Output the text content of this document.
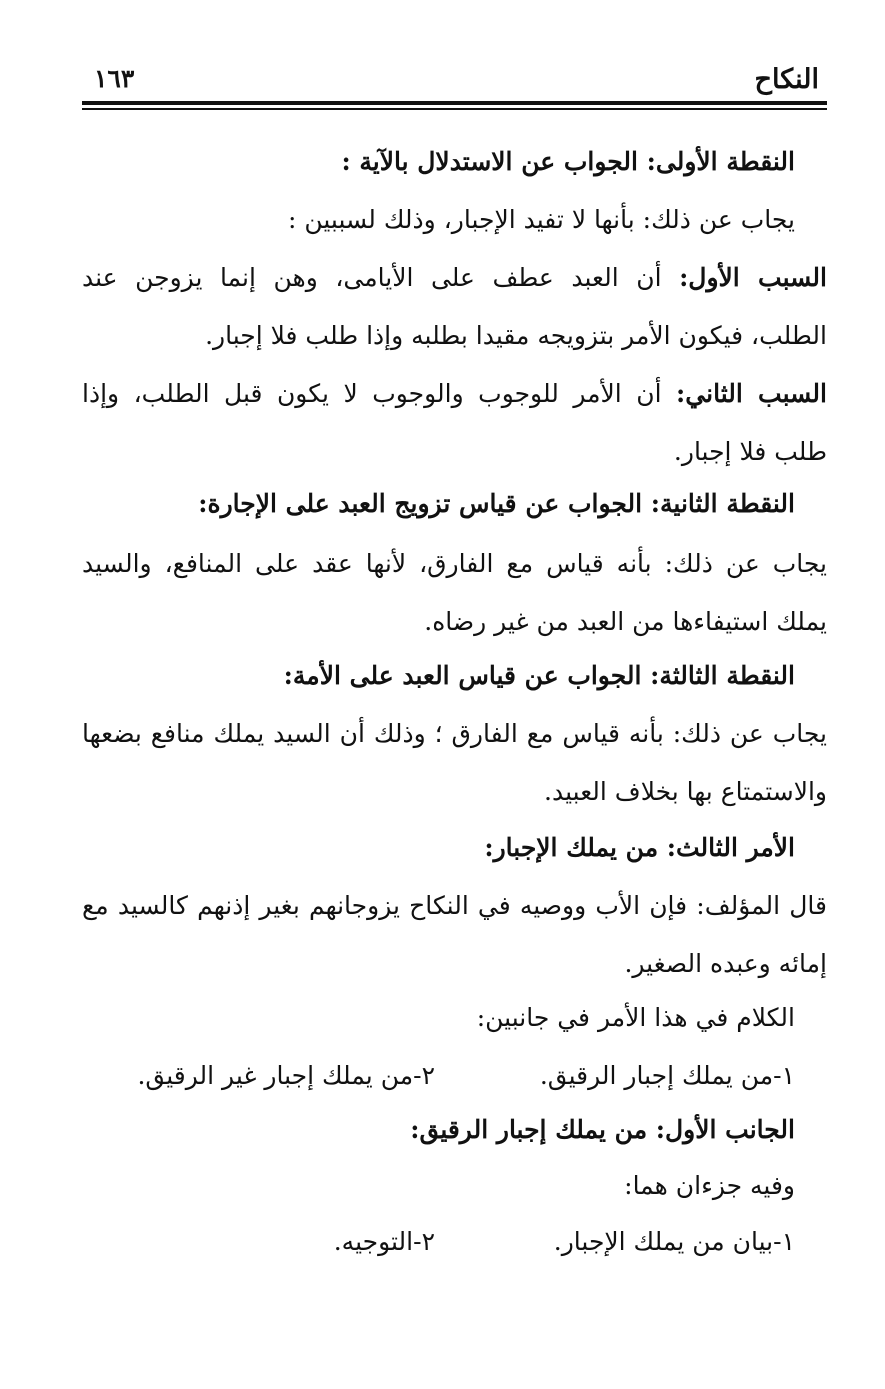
النكاح
١٦٣
النقطة الأولى: الجواب عن الاستدلال بالآية :
يجاب عن ذلك: بأنها لا تفيد الإجبار، وذلك لسببين :
السبب الأول: أن العبد عطف على الأيامى، وهن إنما يزوجن عند
الطلب، فيكون الأمر بتزويجه مقيدا بطلبه وإذا طلب فلا إجبار.
السبب الثاني: أن الأمر للوجوب والوجوب لا يكون قبل الطلب، وإذا
طلب فلا إجبار.
النقطة الثانية: الجواب عن قياس تزويج العبد على الإجارة:
يجاب عن ذلك: بأنه قياس مع الفارق، لأنها عقد على المنافع، والسيد
يملك استيفاءها من العبد من غير رضاه.
النقطة الثالثة: الجواب عن قياس العبد على الأمة:
يجاب عن ذلك: بأنه قياس مع الفارق ؛ وذلك أن السيد يملك منافع بضعها
والاستمتاع بها بخلاف العبيد.
الأمر الثالث: من يملك الإجبار:
قال المؤلف: فإن الأب ووصيه في النكاح يزوجانهم بغير إذنهم كالسيد مع
إمائه وعبده الصغير.
الكلام في هذا الأمر في جانبين:
١-من يملك إجبار الرقيق.
٢-من يملك إجبار غير الرقيق.
الجانب الأول: من يملك إجبار الرقيق:
وفيه جزءان هما:
١-بيان من يملك الإجبار.
٢-التوجيه.
